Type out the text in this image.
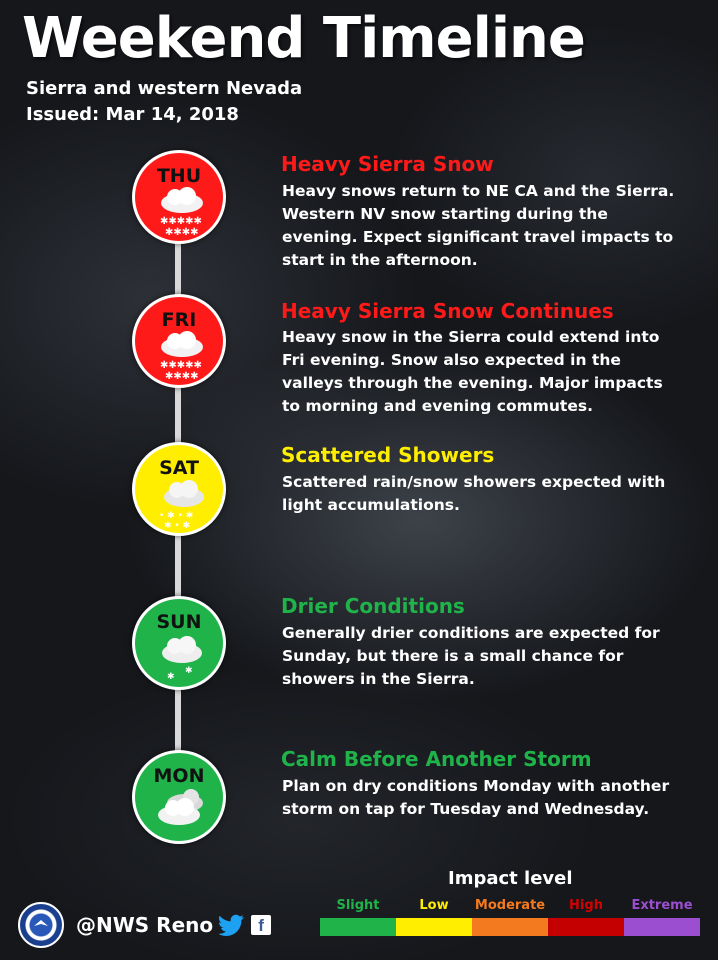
Weekend Timeline
Sierra and western Nevada
Issued: Mar 14, 2018
THU
✱✱✱✱✱
✱✱✱✱
Heavy Sierra Snow
Heavy snows return to NE CA and the Sierra. Western NV snow starting during the evening. Expect significant travel impacts to start in the afternoon.
FRI
✱✱✱✱✱
✱✱✱✱
Heavy Sierra Snow Continues
Heavy snow in the Sierra could extend into Fri evening. Snow also expected in the valleys through the evening. Major impacts to morning and evening commutes.
SAT
• ✱ • ✱
✱ • ✱
Scattered Showers
Scattered rain/snow showers expected with light accumulations.
SUN
✱
✱
Drier Conditions
Generally drier conditions are expected for Sunday, but there is a small chance for showers in the Sierra.
MON
Calm Before Another Storm
Plan on dry conditions Monday with another storm on tap for Tuesday and Wednesday.
Impact level
Slight	Low	Moderate	High	Extreme
@NWS Reno	f
